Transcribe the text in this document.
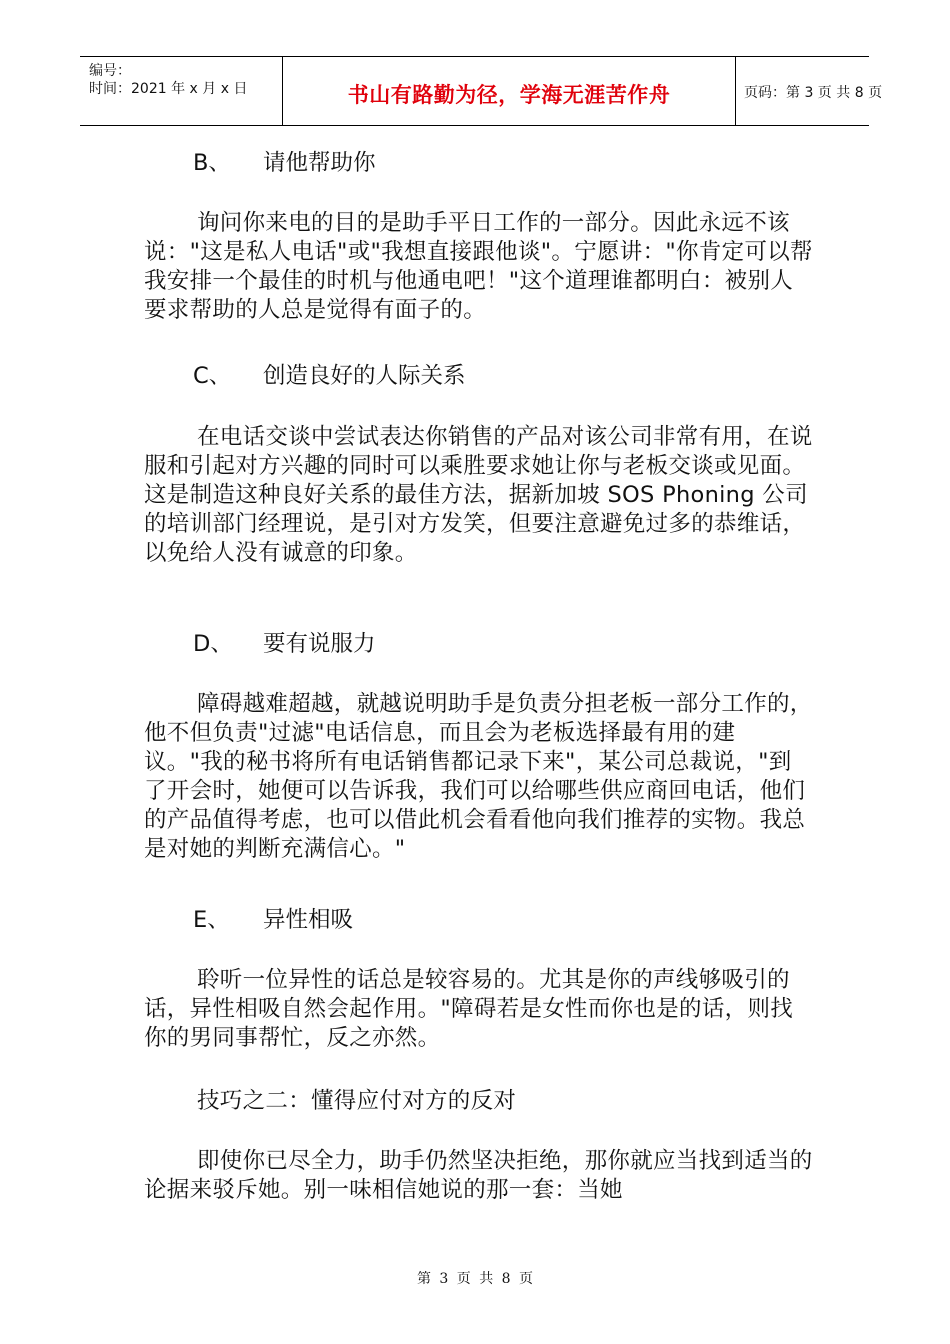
编号：
时间：2021 年 x 月 x 日	书山有路勤为径，学海无涯苦作舟	页码：第 3 页 共 8 页
B、 请他帮助你

询问你来电的目的是助手平日工作的一部分。因此永远不该说："这是私人电话"或"我想直接跟他谈"。宁愿讲："你肯定可以帮我安排一个最佳的时机与他通电吧！"这个道理谁都明白：被别人要求帮助的人总是觉得有面子的。

C、 创造良好的人际关系

在电话交谈中尝试表达你销售的产品对该公司非常有用，在说服和引起对方兴趣的同时可以乘胜要求她让你与老板交谈或见面。这是制造这种良好关系的最佳方法，据新加坡 SOS Phoning 公司的培训部门经理说，是引对方发笑，但要注意避免过多的恭维话，以免给人没有诚意的印象。

D、 要有说服力

障碍越难超越，就越说明助手是负责分担老板一部分工作的，他不但负责"过滤"电话信息，而且会为老板选择最有用的建议。"我的秘书将所有电话销售都记录下来"，某公司总裁说，"到了开会时，她便可以告诉我，我们可以给哪些供应商回电话，他们的产品值得考虑，也可以借此机会看看他向我们推荐的实物。我总是对她的判断充满信心。"

E、 异性相吸

聆听一位异性的话总是较容易的。尤其是你的声线够吸引的话，异性相吸自然会起作用。"障碍若是女性而你也是的话，则找你的男同事帮忙，反之亦然。

技巧之二：懂得应付对方的反对

即使你已尽全力，助手仍然坚决拒绝，那你就应当找到适当的论据来驳斥她。别一味相信她说的那一套：当她

第 3 页 共 8 页
